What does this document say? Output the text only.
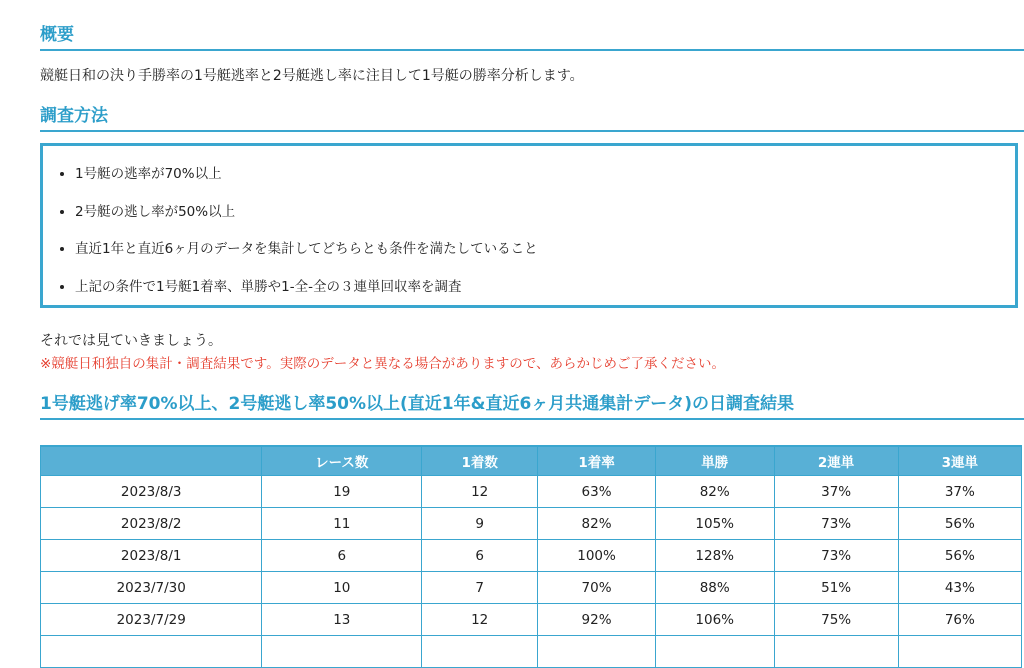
概要
競艇日和の決り手勝率の1号艇逃率と2号艇逃し率に注目して1号艇の勝率分析します。
調査方法
• 1号艇の逃率が70%以上
• 2号艇の逃し率が50%以上
• 直近1年と直近6ヶ月のデータを集計してどちらとも条件を満たしていること
• 上記の条件で1号艇1着率、単勝や1-全-全の３連単回収率を調査
それでは見ていきましょう。
※競艇日和独自の集計・調査結果です。実際のデータと異なる場合がありますので、あらかじめご了承ください。
1号艇逃げ率70%以上、2号艇逃し率50%以上(直近1年&直近6ヶ月共通集計データ)の日調査結果
	レース数	1着数	1着率	単勝	2連単	3連単
2023/8/3	19	12	63%	82%	37%	37%
2023/8/2	11	9	82%	105%	73%	56%
2023/8/1	6	6	100%	128%	73%	56%
2023/7/30	10	7	70%	88%	51%	43%
2023/7/29	13	12	92%	106%	75%	76%
